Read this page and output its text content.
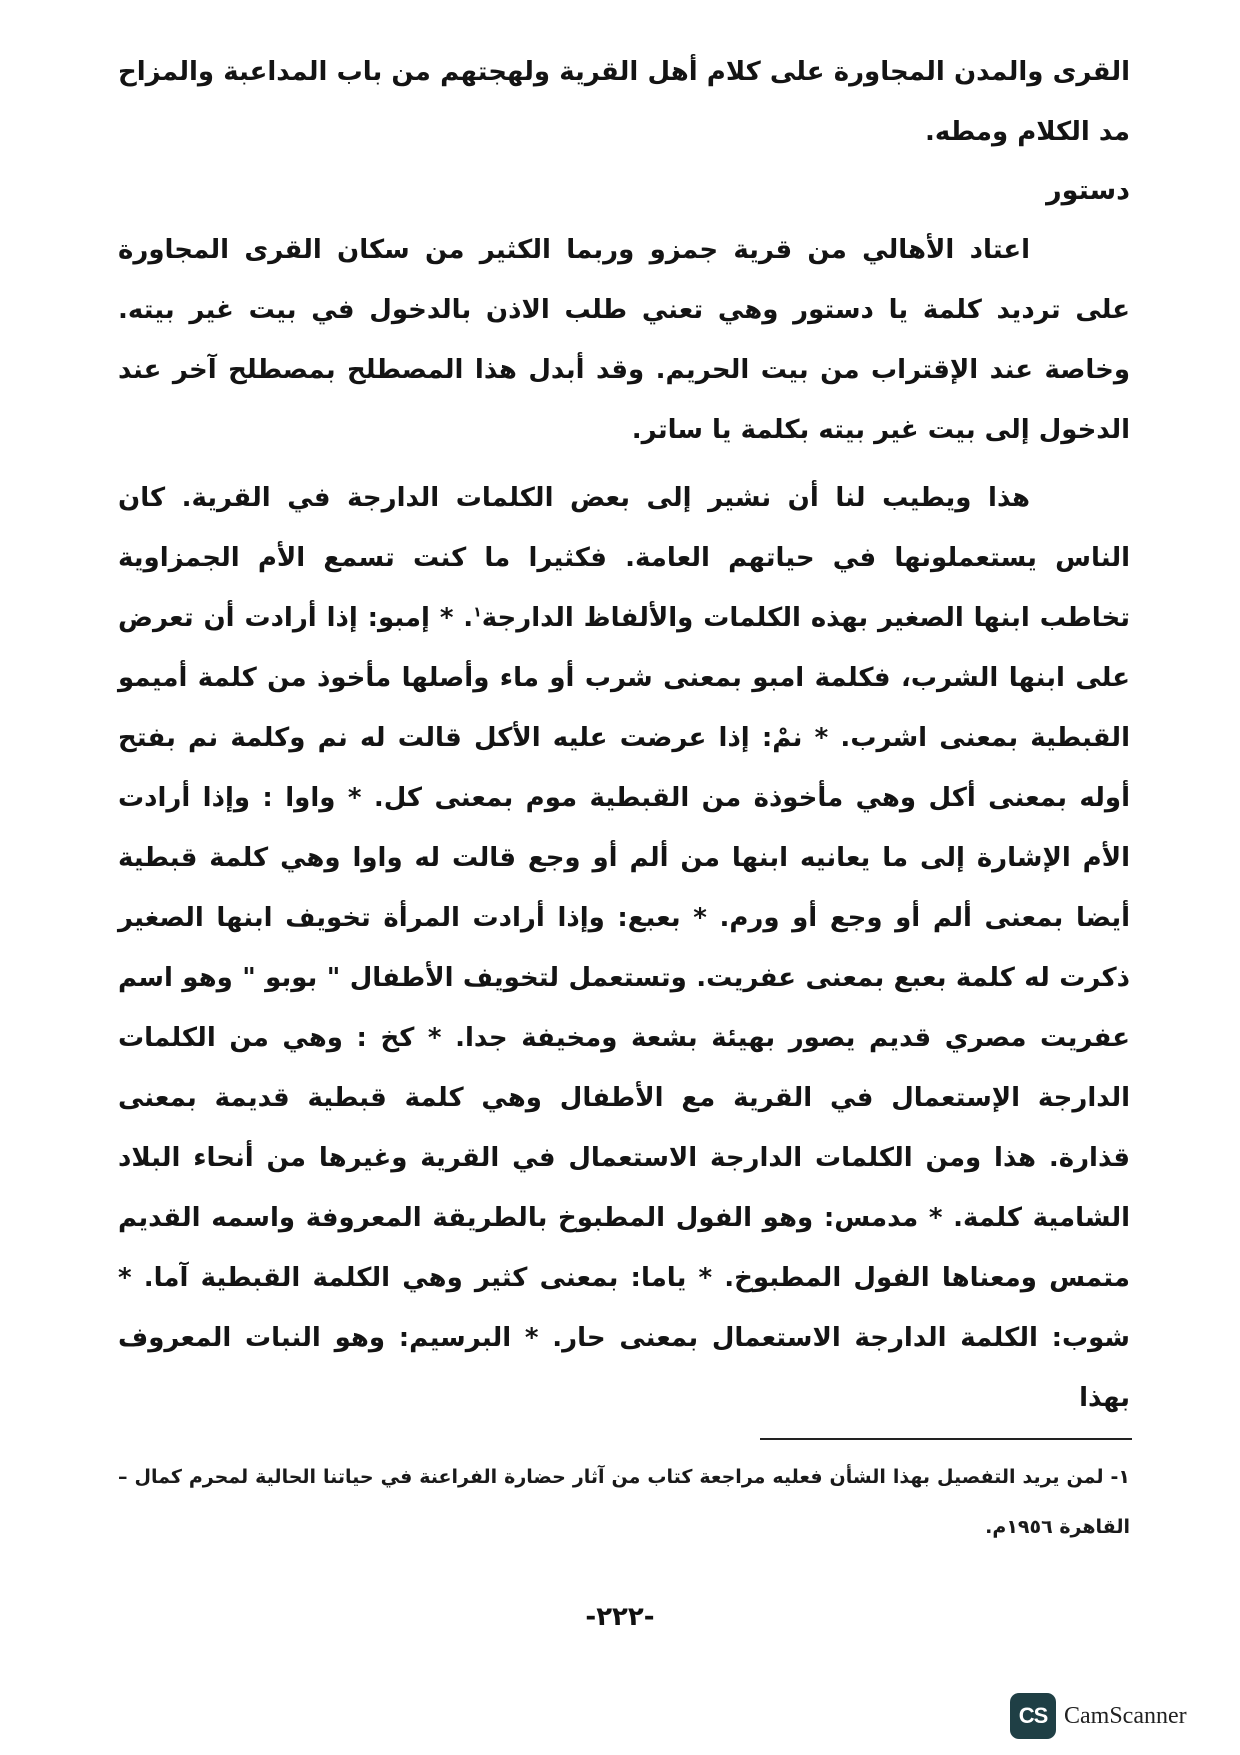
القرى والمدن المجاورة على كلام أهل القرية ولهجتهم من باب المداعبة والمزاح مد الكلام ومطه.

دستور

اعتاد الأهالي من قرية جمزو وربما الكثير من سكان القرى المجاورة على ترديد كلمة يا دستور وهي تعني طلب الاذن بالدخول في بيت غير بيته. وخاصة عند الإقتراب من بيت الحريم. وقد أبدل هذا المصطلح بمصطلح آخر عند الدخول إلى بيت غير بيته بكلمة يا ساتر.

هذا ويطيب لنا أن نشير إلى بعض الكلمات الدارجة في القرية. كان الناس يستعملونها في حياتهم العامة. فكثيرا ما كنت تسمع الأم الجمزاوية تخاطب ابنها الصغير بهذه الكلمات والألفاظ الدارجة$^١$. * إمبو: إذا أرادت أن تعرض على ابنها الشرب، فكلمة امبو بمعنى شرب أو ماء وأصلها مأخوذ من كلمة أميمو القبطية بمعنى اشرب. * نمْ: إذا عرضت عليه الأكل قالت له نم وكلمة نم بفتح أوله بمعنى أكل وهي مأخوذة من القبطية موم بمعنى كل. * واوا : وإذا أرادت الأم الإشارة إلى ما يعانيه ابنها من ألم أو وجع قالت له واوا وهي كلمة قبطية أيضا بمعنى ألم أو وجع أو ورم. * بعبع: وإذا أرادت المرأة تخويف ابنها الصغير ذكرت له كلمة بعبع بمعنى عفريت. وتستعمل لتخويف الأطفال " بوبو " وهو اسم عفريت مصري قديم يصور بهيئة بشعة ومخيفة جدا. * كخ : وهي من الكلمات الدارجة الإستعمال في القرية مع الأطفال وهي كلمة قبطية قديمة بمعنى قذارة. هذا ومن الكلمات الدارجة الاستعمال في القرية وغيرها من أنحاء البلاد الشامية كلمة. * مدمس: وهو الفول المطبوخ بالطريقة المعروفة واسمه القديم متمس ومعناها الفول المطبوخ. * ياما: بمعنى كثير وهي الكلمة القبطية آما. * شوب: الكلمة الدارجة الاستعمال بمعنى حار. * البرسيم: وهو النبات المعروف بهذا

١- لمن يريد التفصيل بهذا الشأن فعليه مراجعة كتاب من آثار حضارة الفراعنة في حياتنا الحالية لمحرم كمال – القاهرة ١٩٥٦م.

-٢٢٢-
CS CamScanner
